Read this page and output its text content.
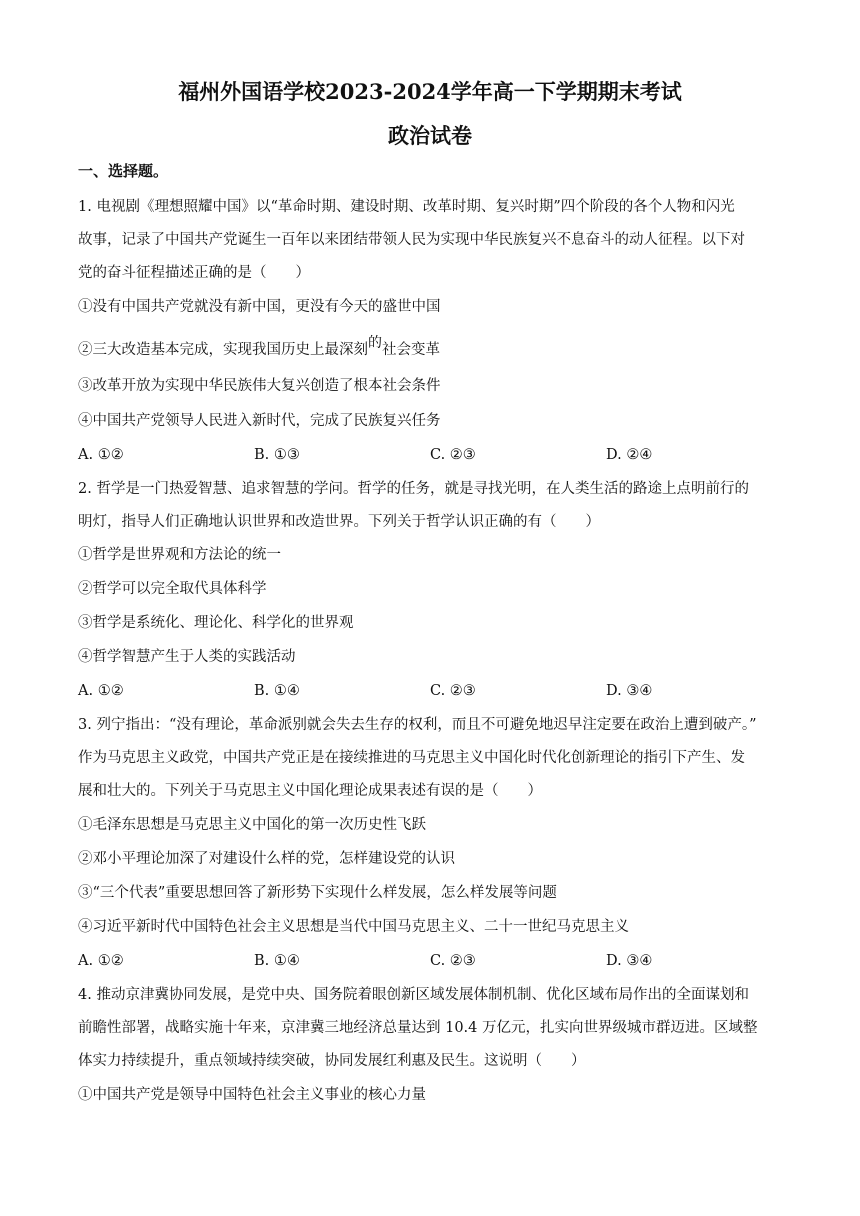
福州外国语学校2023-2024学年高一下学期期末考试
政治试卷
一、选择题。
1. 电视剧《理想照耀中国》以“革命时期、建设时期、改革时期、复兴时期”四个阶段的各个人物和闪光
故事，记录了中国共产党诞生一百年以来团结带领人民为实现中华民族复兴不息奋斗的动人征程。以下对
党的奋斗征程描述正确的是（　　）
①没有中国共产党就没有新中国，更没有今天的盛世中国
②三大改造基本完成，实现我国历史上最深刻的社会变革
③改革开放为实现中华民族伟大复兴创造了根本社会条件
④中国共产党领导人民进入新时代，完成了民族复兴任务
A. ①②	B. ①③	C. ②③	D. ②④
2. 哲学是一门热爱智慧、追求智慧的学问。哲学的任务，就是寻找光明，在人类生活的路途上点明前行的
明灯，指导人们正确地认识世界和改造世界。下列关于哲学认识正确的有（　　）
①哲学是世界观和方法论的统一
②哲学可以完全取代具体科学
③哲学是系统化、理论化、科学化的世界观
④哲学智慧产生于人类的实践活动
A. ①②	B. ①④	C. ②③	D. ③④
3. 列宁指出：“没有理论，革命派别就会失去生存的权利，而且不可避免地迟早注定要在政治上遭到破产。”
作为马克思主义政党，中国共产党正是在接续推进的马克思主义中国化时代化创新理论的指引下产生、发
展和壮大的。下列关于马克思主义中国化理论成果表述有误的是（　　）
①毛泽东思想是马克思主义中国化的第一次历史性飞跃
②邓小平理论加深了对建设什么样的党，怎样建设党的认识
③“三个代表”重要思想回答了新形势下实现什么样发展，怎么样发展等问题
④习近平新时代中国特色社会主义思想是当代中国马克思主义、二十一世纪马克思主义
A. ①②	B. ①④	C. ②③	D. ③④
4. 推动京津冀协同发展，是党中央、国务院着眼创新区域发展体制机制、优化区域布局作出的全面谋划和
前瞻性部署，战略实施十年来，京津冀三地经济总量达到 10.4 万亿元，扎实向世界级城市群迈进。区域整
体实力持续提升，重点领域持续突破，协同发展红利惠及民生。这说明（　　）
①中国共产党是领导中国特色社会主义事业的核心力量
